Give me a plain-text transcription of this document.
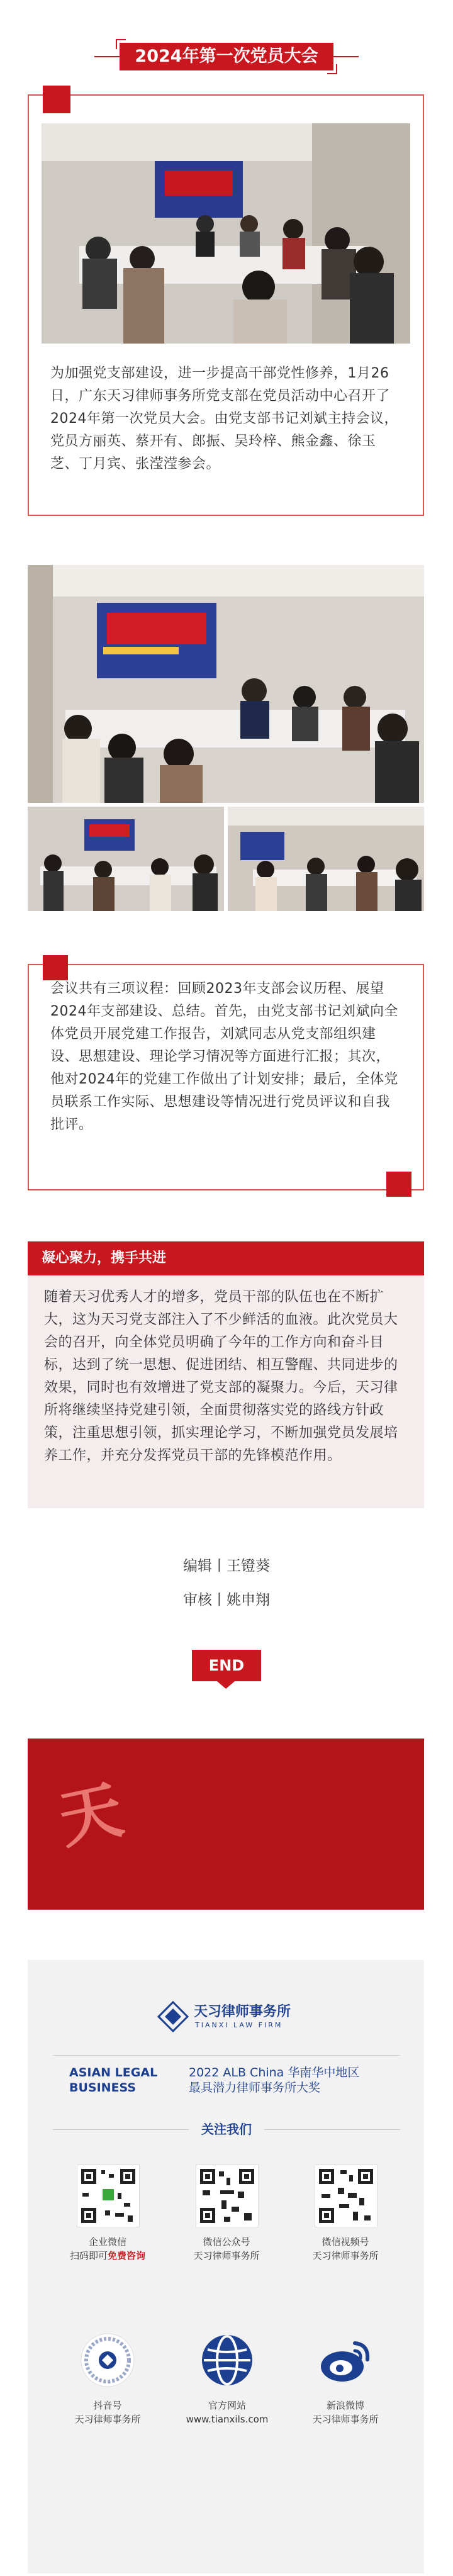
2024年第一次党员大会
为加强党支部建设，进一步提高干部党性修养，1月26日，广东天习律师事务所党支部在党员活动中心召开了2024年第一次党员大会。由党支部书记刘斌主持会议，党员方丽英、蔡开有、郎振、吴玲梓、熊金鑫、徐玉芝、丁月宾、张滢滢参会。
会议共有三项议程：回顾2023年支部会议历程、展望2024年支部建设、总结。首先，由党支部书记刘斌向全体党员开展党建工作报告，刘斌同志从党支部组织建设、思想建设、理论学习情况等方面进行汇报；其次，他对2024年的党建工作做出了计划安排；最后，全体党员联系工作实际、思想建设等情况进行党员评议和自我批评。
凝心聚力，携手共进
随着天习优秀人才的增多，党员干部的队伍也在不断扩大，这为天习党支部注入了不少鲜活的血液。此次党员大会的召开，向全体党员明确了今年的工作方向和奋斗目标，达到了统一思想、促进团结、相互警醒、共同进步的效果，同时也有效增进了党支部的凝聚力。今后，天习律所将继续坚持党建引领，全面贯彻落实党的路线方针政策，注重思想引领，抓实理论学习，不断加强党员发展培养工作，并充分发挥党员干部的先锋模范作用。
编辑丨王镫葵
审核丨姚申翔
END
天
天习律师事务所
TIANXI LAW FIRM
ASIAN LEGAL
BUSINESS
2022 ALB China 华南华中地区
最具潜力律师事务所大奖
关注我们
企业微信
扫码即可免费咨询
微信公众号
天习律师事务所
微信视频号
天习律师事务所
抖音号
天习律师事务所
官方网站
www.tianxils.com
新浪微博
天习律师事务所
